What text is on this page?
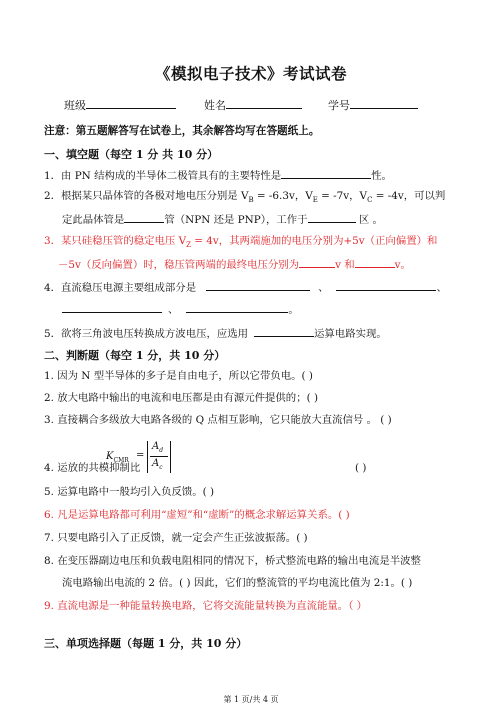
《模拟电子技术》考试试卷
班级	姓名	学号
注意：第五题解答写在试卷上，其余解答均写在答题纸上。
一、填空题（每空 1 分 共 10 分）
1．由 PN 结构成的半导体二极管具有的主要特性是	性。
2．根据某只晶体管的各极对地电压分别是 $V_B = -6.3v$，$V_E = -7v$，$V_C = -4v$，可以判
定此晶体管是	管（NPN 还是 PNP），工作于	区 。
3．某只硅稳压管的稳定电压 $V_Z = 4v$，其两端施加的电压分别为+5v（正向偏置）和
－5v（反向偏置）时，稳压管两端的最终电压分别为	v 和	v。
4．直流稳压电源主要组成部分是	、	、
、	。
5．欲将三角波电压转换成方波电压，应选用	运算电路实现。
二、判断题（每空 1 分，共 10 分）
1. 因为 N 型半导体的多子是自由电子，所以它带负电。( )
2. 放大电路中输出的电流和电压都是由有源元件提供的；( )
3. 直接耦合多级放大电路各级的 Q 点相互影响，它只能放大直流信号 。 ( )
$K_{CMR}$ =
$A_d$
$A_c$
4. 运放的共模抑制比	( )
5. 运算电路中一般均引入负反馈。( )
6. 凡是运算电路都可利用“虚短”和“虚断”的概念求解运算关系。( )
7. 只要电路引入了正反馈，就一定会产生正弦波振荡。( )
8. 在变压器副边电压和负载电阻相同的情况下，桥式整流电路的输出电流是半波整
流电路输出电流的 2 倍。( ) 因此，它们的整流管的平均电流比值为 2:1。( )
9. 直流电源是一种能量转换电路，它将交流能量转换为直流能量。（ ）
三、单项选择题（每题 1 分，共 10 分）
第 1 页/共 4 页
